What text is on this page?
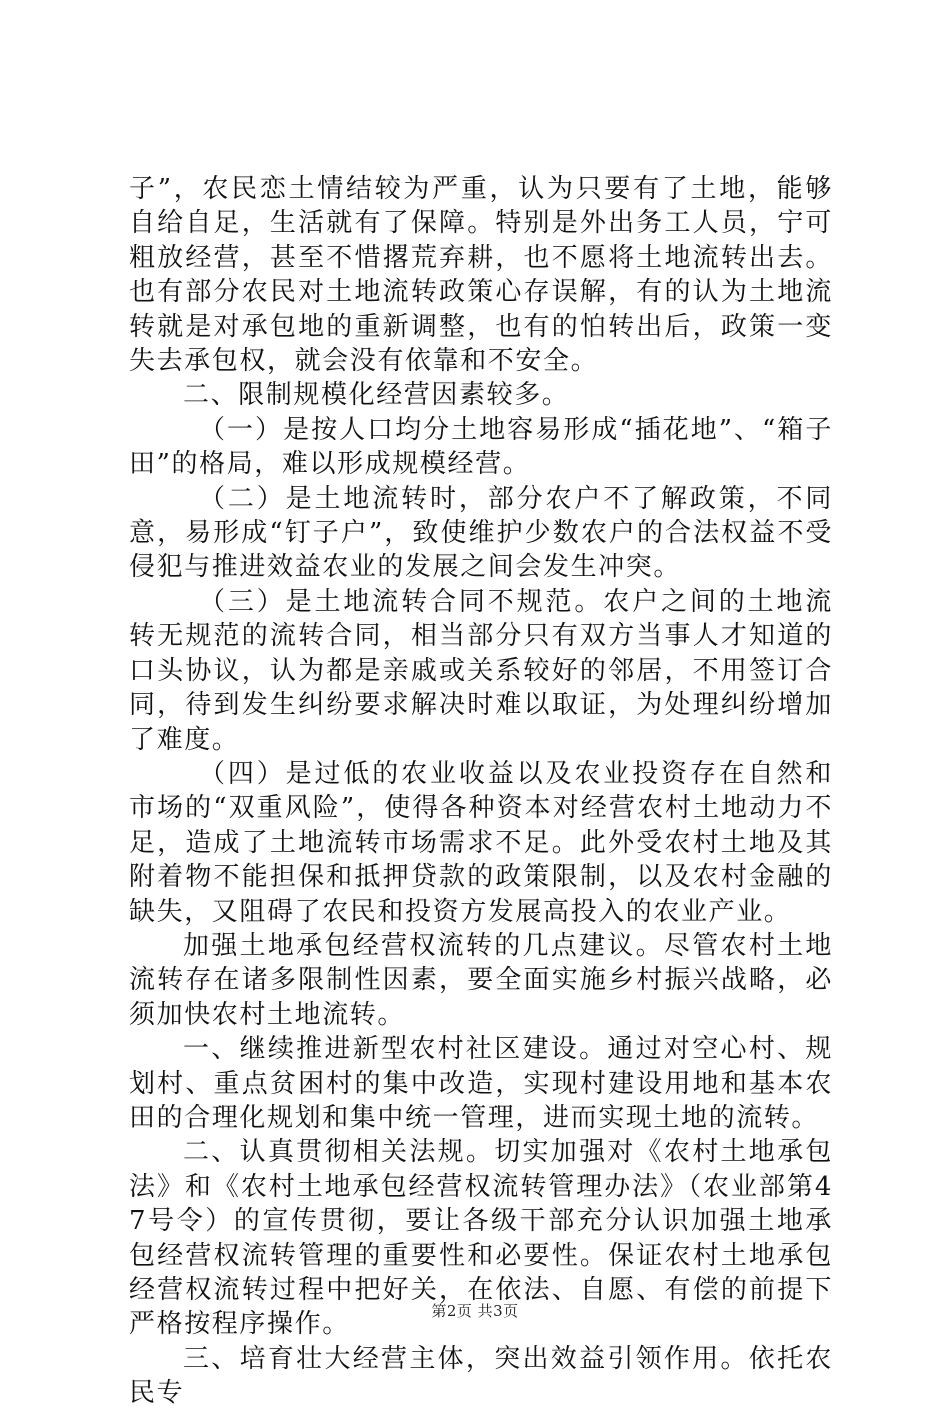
子”，农民恋土情结较为严重，认为只要有了土地，能够自给自足，生活就有了保障。特别是外出务工人员，宁可粗放经营，甚至不惜撂荒弃耕，也不愿将土地流转出去。也有部分农民对土地流转政策心存误解，有的认为土地流转就是对承包地的重新调整，也有的怕转出后，政策一变失去承包权，就会没有依靠和不安全。

二、限制规模化经营因素较多。

（一）是按人口均分土地容易形成“插花地”、“箱子田”的格局，难以形成规模经营。

（二）是土地流转时，部分农户不了解政策，不同意，易形成“钉子户”，致使维护少数农户的合法权益不受侵犯与推进效益农业的发展之间会发生冲突。

（三）是土地流转合同不规范。农户之间的土地流转无规范的流转合同，相当部分只有双方当事人才知道的口头协议，认为都是亲戚或关系较好的邻居，不用签订合同，待到发生纠纷要求解决时难以取证，为处理纠纷增加了难度。

（四）是过低的农业收益以及农业投资存在自然和市场的“双重风险”，使得各种资本对经营农村土地动力不足，造成了土地流转市场需求不足。此外受农村土地及其附着物不能担保和抵押贷款的政策限制，以及农村金融的缺失，又阻碍了农民和投资方发展高投入的农业产业。

加强土地承包经营权流转的几点建议。尽管农村土地流转存在诸多限制性因素，要全面实施乡村振兴战略，必须加快农村土地流转。

一、继续推进新型农村社区建设。通过对空心村、规划村、重点贫困村的集中改造，实现村建设用地和基本农田的合理化规划和集中统一管理，进而实现土地的流转。

二、认真贯彻相关法规。切实加强对《农村土地承包法》和《农村土地承包经营权流转管理办法》（农业部第47号令）的宣传贯彻，要让各级干部充分认识加强土地承包经营权流转管理的重要性和必要性。保证农村土地承包经营权流转过程中把好关，在依法、自愿、有偿的前提下严格按程序操作。

三、培育壮大经营主体，突出效益引领作用。依托农民专

第2页 共3页
